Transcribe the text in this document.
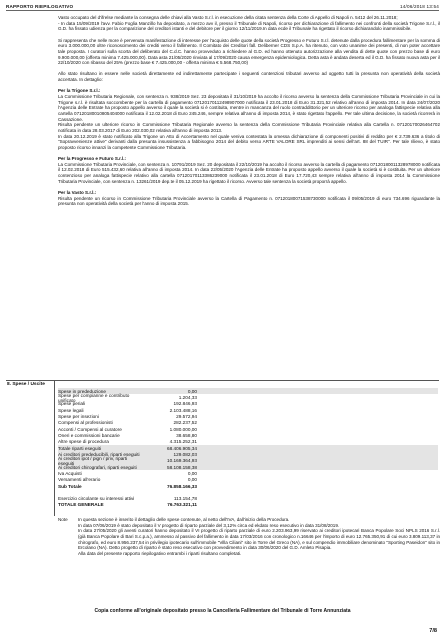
RAPPORTO RIEPILOGATIVO	14/06/2018 13:54

Vasto occupato del d'ifrelse mediante la consegna delle chiavi alla Vasto S.r.l. in esecuzione della citata sentenza della Corte di Appello di Napoli n. 5412 del 26.11.2018;

- In data 15/09/2019 l'avv. Fabio Foglia Manzillo ha depositato, a mezzo avv il, presso il Tribunale di Napoli, ricorso per dichiarazione di fallimento nei confronti della società Trigone S.r.l., il G.D. ha fissato udienza per la comparizione del creditori istanti e del debitore per il giorno 12/11/2019.In data ecde il Tribunale ha rigettato il ricorso dichiarandolo inammissibile.

Si rappresenta che nelle more è pervenuta manifestazione di interesse per l'acquisto delle quote della società Progresso e Futuro S.r.l. detenute dalla procedura fallimentare per la somma di euro 3.000.000,00 oltre riconoscimento dei crediti verso il fallimento. Il Comitato dei Creditori fall. Deliberner CDS S.p.A. ha ritenuto, con voto unanime dei presenti, di non poter accettare tale proposta. I curatori sulla scorta del deliberato del C.d.C. hanno provveduto a richiedere al G.D. ed hanno ottenuto autorizzazione alla vendita di dette quote con prezzo base di euro 9.900.000,00 (offerta minima 7.425.000,00). Data asta 21/05/2020 rinviata al 17/09/2020 causa emergenza epidemiologica. Detta asta è andata deserta ed il G.D. ha fissato nuova asta per il 22/10/2020 con ribasso del 25% (prezzo base € 7.425.000,00 - offerta minima € 5.568.750,00)

Allo stato risultano in essere nelle società direttamente ed indirettamente partecipate i seguenti contenziosi tributari avverso ad oggetto tutti la presunta non operatività della società accertata. In dettaglio:

Per la Trigone S.r.l.:

La Commissione Tributaria Regionale, con sentenza n. 938/2019 Sez. 23 depositata il 31/10/2019 ha accolto il ricorso avverso la sentenza della Commissione Tributaria Provinciale in cui la Trigone s.r.l. è risultata soccombente per la cartella di pagamento 07120170112498907000 notificata il 23.01.2018 di Euro 31.321,52 relativo all'anno di imposta 2014. In data 24/07/2020 l'Agenzia delle Entrate ha proposto appello avverso il quale la società si è costituita, mentre in mancanza del ruolo contraddittorio per un ulteriore ricorso per analoga fattispecie relativa alla cartella 07120180010805404000 notificata il 12.02.2018 di Euro 245.246, sempre relativa all'anno di imposta 2014, è stato rigettato l'appello. Per tale ultima decisione, la società ricorrerà in Cassazione.

Risulta pendente un ulteriore ricorso in Commissione Tributaria Regionale avverso la sentenza della Commissione Tributaria Provinciale relativa alla Cartella n. 07120170026464702 notificata in data 28.03.2017 di Euro 202.030,02 relativa all'anno di imposta 2013.

In data 20.12.2019 è stato notificato alla Trigone un Atto di Accertamento nel quale veniva contestata la omessa dichiarazione di componenti positivi di reddito per € 2.739.636 a titolo di "Sopravvenienze attive" derivanti dalla presunta insussistenza a fabbisogno 2014 del debito verso ARTE VALORE SRL imprenditi ai sensi dell'art. 88 del TUIR". Per tale rilievo, è stato proposto ricorso innanzi la competente Commissione Tributaria.

Per la Progresso e Futuro S.r.l.:

La Commissione Tributaria Provinciale, con sentenza n. 10791/2019 Sez. 20 depositata il 22/10/2019 ha accolto il ricorso avverso la cartella di pagamento 07120180011328978000 notificata il 12.02.2018 di Euro 515.432,60 relativa all'anno di imposta 2014. In data 22/05/2020 l'Agenzia delle Entrate ha proposto appello avverso il quale la società si è costituita. Per un ulteriore contenzioso per analoga fattispecie relativo alla cartella 07120170113386239000 notificata il 23.01.2018 di Euro 17.720,43 sempre relativa all'anno di imposta 2014 la Commissione Tributaria Provinciale, con sentenza n. 13261/2019 dep.te il 05.12.2019 ha rigettato il ricorso. Avverso tale sentenza la società proporrà appello.

Per la Vasto S.r.l.:

Risulta pendente un ricorso in Commissione Tributaria Provinciale avverso la Cartella di Pagamento n. 07120180071538730000 notificata il 09/05/2019 di euro 734.696 riguardante la presunta non operatività della società per l'anno di imposta 2015.

8. Spese / Uscite
Spese in prededuzione	0,00
Spese per compianne e contributo unificato	1.204,33
Spese periali	192.846,93
Spese legali	2.103.488,16
Spese per insezioni	29.572,94
Compensi al professionisti	282.237,52
Acconti / Compensi al curatore	1.080.000,00
Oneri e commissioni bancarie	38.658,80
Altre spese di procedura	4.315.252,31
Totale riparti eseguiti	68.406.905,34
Ai creditori prededucibili, riparti eseguiti	129.082,03
Ai creditori ipot / pign / priv, riparti eseguiti	10.169.364,93
Ai creditori chirografari, riparti eseguiti	58.108.158,38
Iva Acquisti	0,00
Versamenti all'erario	0,00
Sub Totale	76.858.166,33
Esercizio circolante su interessi attivi	113.154,78
TOTALE GENERALE	76.763.321,11
Note	In questa sezione è inserito il dettaglio delle spese contenute, al netto dell'IVA, dall'inizio della Procedura.

In data 07/06/2019 è stato depositato il V progetto di riparto parziale del 3,12% circa ed ekdato reso esecutivo in data 31/08/2019.

In data 27/05/2020 gli aventi curatori hanno depositato il VI progetto di riparto parziale di euro 2.203.963,99 riservato ai creditori ipotecari Banca Popolare Soci NPLS 2016 S.r.l. (già Banca Popolare di Bari S.c.p.a.), ammesso al passivo del fallimento in data 17/03/2016 con cronologico n.16646 per l'importo di euro 12.765.350,91 di cui euro 3.809.113,37 in chirografo, ed euro 8.956.237,54 in privilegio ipotecario sull'immobile "Villa Ciliani" sito in Torre del Greco (NA), e sul compendio immobiliare denominato "Sporting Paseidon" sito in Ercolano (NA). Detto progetto di riparto è stato reso esecutivo con provvedimento in data 30/06/2020 del G.D. Amleto Pisapia.

Alla data del presente rapporto riepilogativo entrambi i riparti risultano completati.

Copia conforme all'originale depositato presso la Cancelleria Fallimentare del Tribunale di Torre Annunziata
7/8
